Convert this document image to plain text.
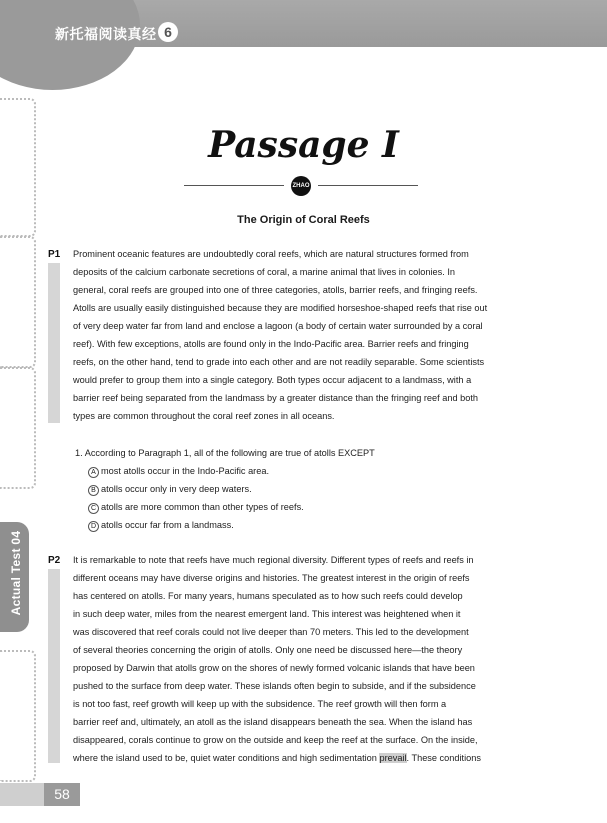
新托福阅读真经 6
Actual Test 04
Passage I
ZHAO
The Origin of Coral Reefs
P1 Prominent oceanic features are undoubtedly coral reefs, which are natural structures formed from
deposits of the calcium carbonate secretions of coral, a marine animal that lives in colonies. In
general, coral reefs are grouped into one of three categories, atolls, barrier reefs, and fringing reefs.
Atolls are usually easily distinguished because they are modified horseshoe-shaped reefs that rise out
of very deep water far from land and enclose a lagoon (a body of certain water surrounded by a coral
reef). With few exceptions, atolls are found only in the Indo-Pacific area. Barrier reefs and fringing
reefs, on the other hand, tend to grade into each other and are not readily separable. Some scientists
would prefer to group them into a single category. Both types occur adjacent to a landmass, with a
barrier reef being separated from the landmass by a greater distance than the fringing reef and both
types are common throughout the coral reef zones in all oceans.
1. According to Paragraph 1, all of the following are true of atolls EXCEPT
A most atolls occur in the Indo-Pacific area.
B atolls occur only in very deep waters.
C atolls are more common than other types of reefs.
D atolls occur far from a landmass.
P2 It is remarkable to note that reefs have much regional diversity. Different types of reefs and reefs in
different oceans may have diverse origins and histories. The greatest interest in the origin of reefs
has centered on atolls. For many years, humans speculated as to how such reefs could develop
in such deep water, miles from the nearest emergent land. This interest was heightened when it
was discovered that reef corals could not live deeper than 70 meters. This led to the development
of several theories concerning the origin of atolls. Only one need be discussed here—the theory
proposed by Darwin that atolls grow on the shores of newly formed volcanic islands that have been
pushed to the surface from deep water. These islands often begin to subside, and if the subsidence
is not too fast, reef growth will keep up with the subsidence. The reef growth will then form a
barrier reef and, ultimately, an atoll as the island disappears beneath the sea. When the island has
disappeared, corals continue to grow on the outside and keep the reef at the surface. On the inside,
where the island used to be, quiet water conditions and high sedimentation prevail. These conditions
58
